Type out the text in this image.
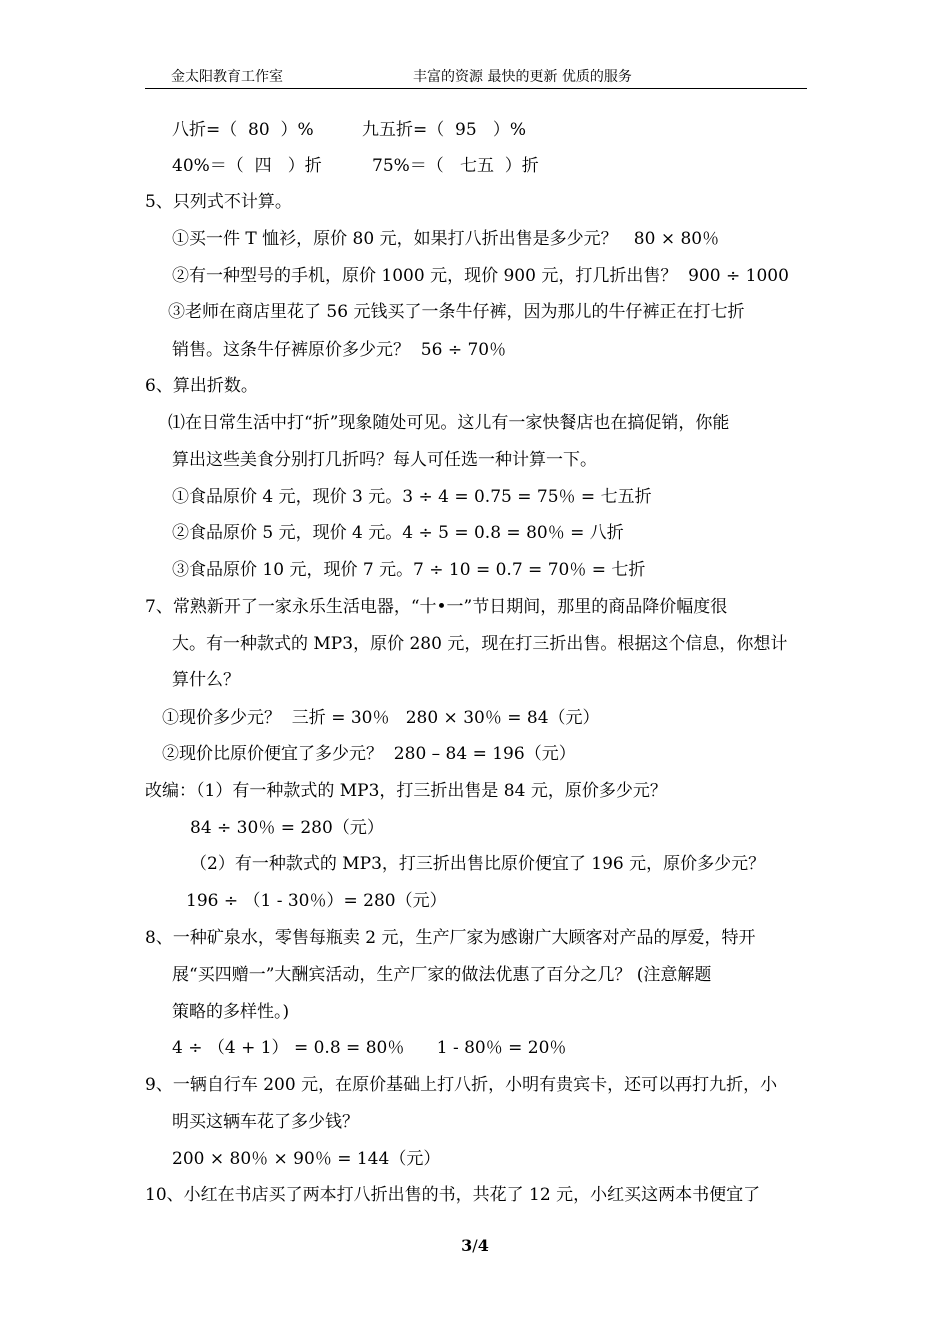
金太阳教育工作室	丰富的资源 最快的更新 优质的服务
八折=（  80  ）%	九五折=（  95   ）%
40%＝（  四   ）折	75%＝（   七五  ）折
5、只列式不计算。
①买一件 T 恤衫，原价 80 元，如果打八折出售是多少元？   80 × 80％
②有一种型号的手机，原价 1000 元，现价 900 元，打几折出售？  900 ÷ 1000
③老师在商店里花了 56 元钱买了一条牛仔裤，因为那儿的牛仔裤正在打七折
销售。这条牛仔裤原价多少元？  56 ÷ 70％
6、算出折数。
⑴在日常生活中打“折”现象随处可见。这儿有一家快餐店也在搞促销，你能
算出这些美食分别打几折吗？每人可任选一种计算一下。
①食品原价 4 元，现价 3 元。3 ÷ 4 = 0.75 = 75％ = 七五折
②食品原价 5 元，现价 4 元。4 ÷ 5 = 0.8 = 80％ = 八折
③食品原价 10 元，现价 7 元。7 ÷ 10 = 0.7 = 70％ = 七折
7、常熟新开了一家永乐生活电器，“十•一”节日期间，那里的商品降价幅度很
大。有一种款式的 MP3，原价 280 元，现在打三折出售。根据这个信息，你想计
算什么？
①现价多少元？  三折 = 30％   280 × 30％ = 84（元）
②现价比原价便宜了多少元？  280 – 84 = 196（元）
改编：（1）有一种款式的 MP3，打三折出售是 84 元，原价多少元？
84 ÷ 30％ = 280（元）
（2）有一种款式的 MP3，打三折出售比原价便宜了 196 元，原价多少元？
196 ÷ （1 - 30％）= 280（元）
8、一种矿泉水，零售每瓶卖 2 元，生产厂家为感谢广大顾客对产品的厚爱，特开
展“买四赠一”大酬宾活动，生产厂家的做法优惠了百分之几？ (注意解题
策略的多样性。)
4 ÷ （4 + 1） = 0.8 = 80％      1 - 80％ = 20％
9、一辆自行车 200 元，在原价基础上打八折，小明有贵宾卡，还可以再打九折，小
明买这辆车花了多少钱？
200 × 80％ × 90％ = 144（元）
10、小红在书店买了两本打八折出售的书，共花了 12 元，小红买这两本书便宜了
3/4
